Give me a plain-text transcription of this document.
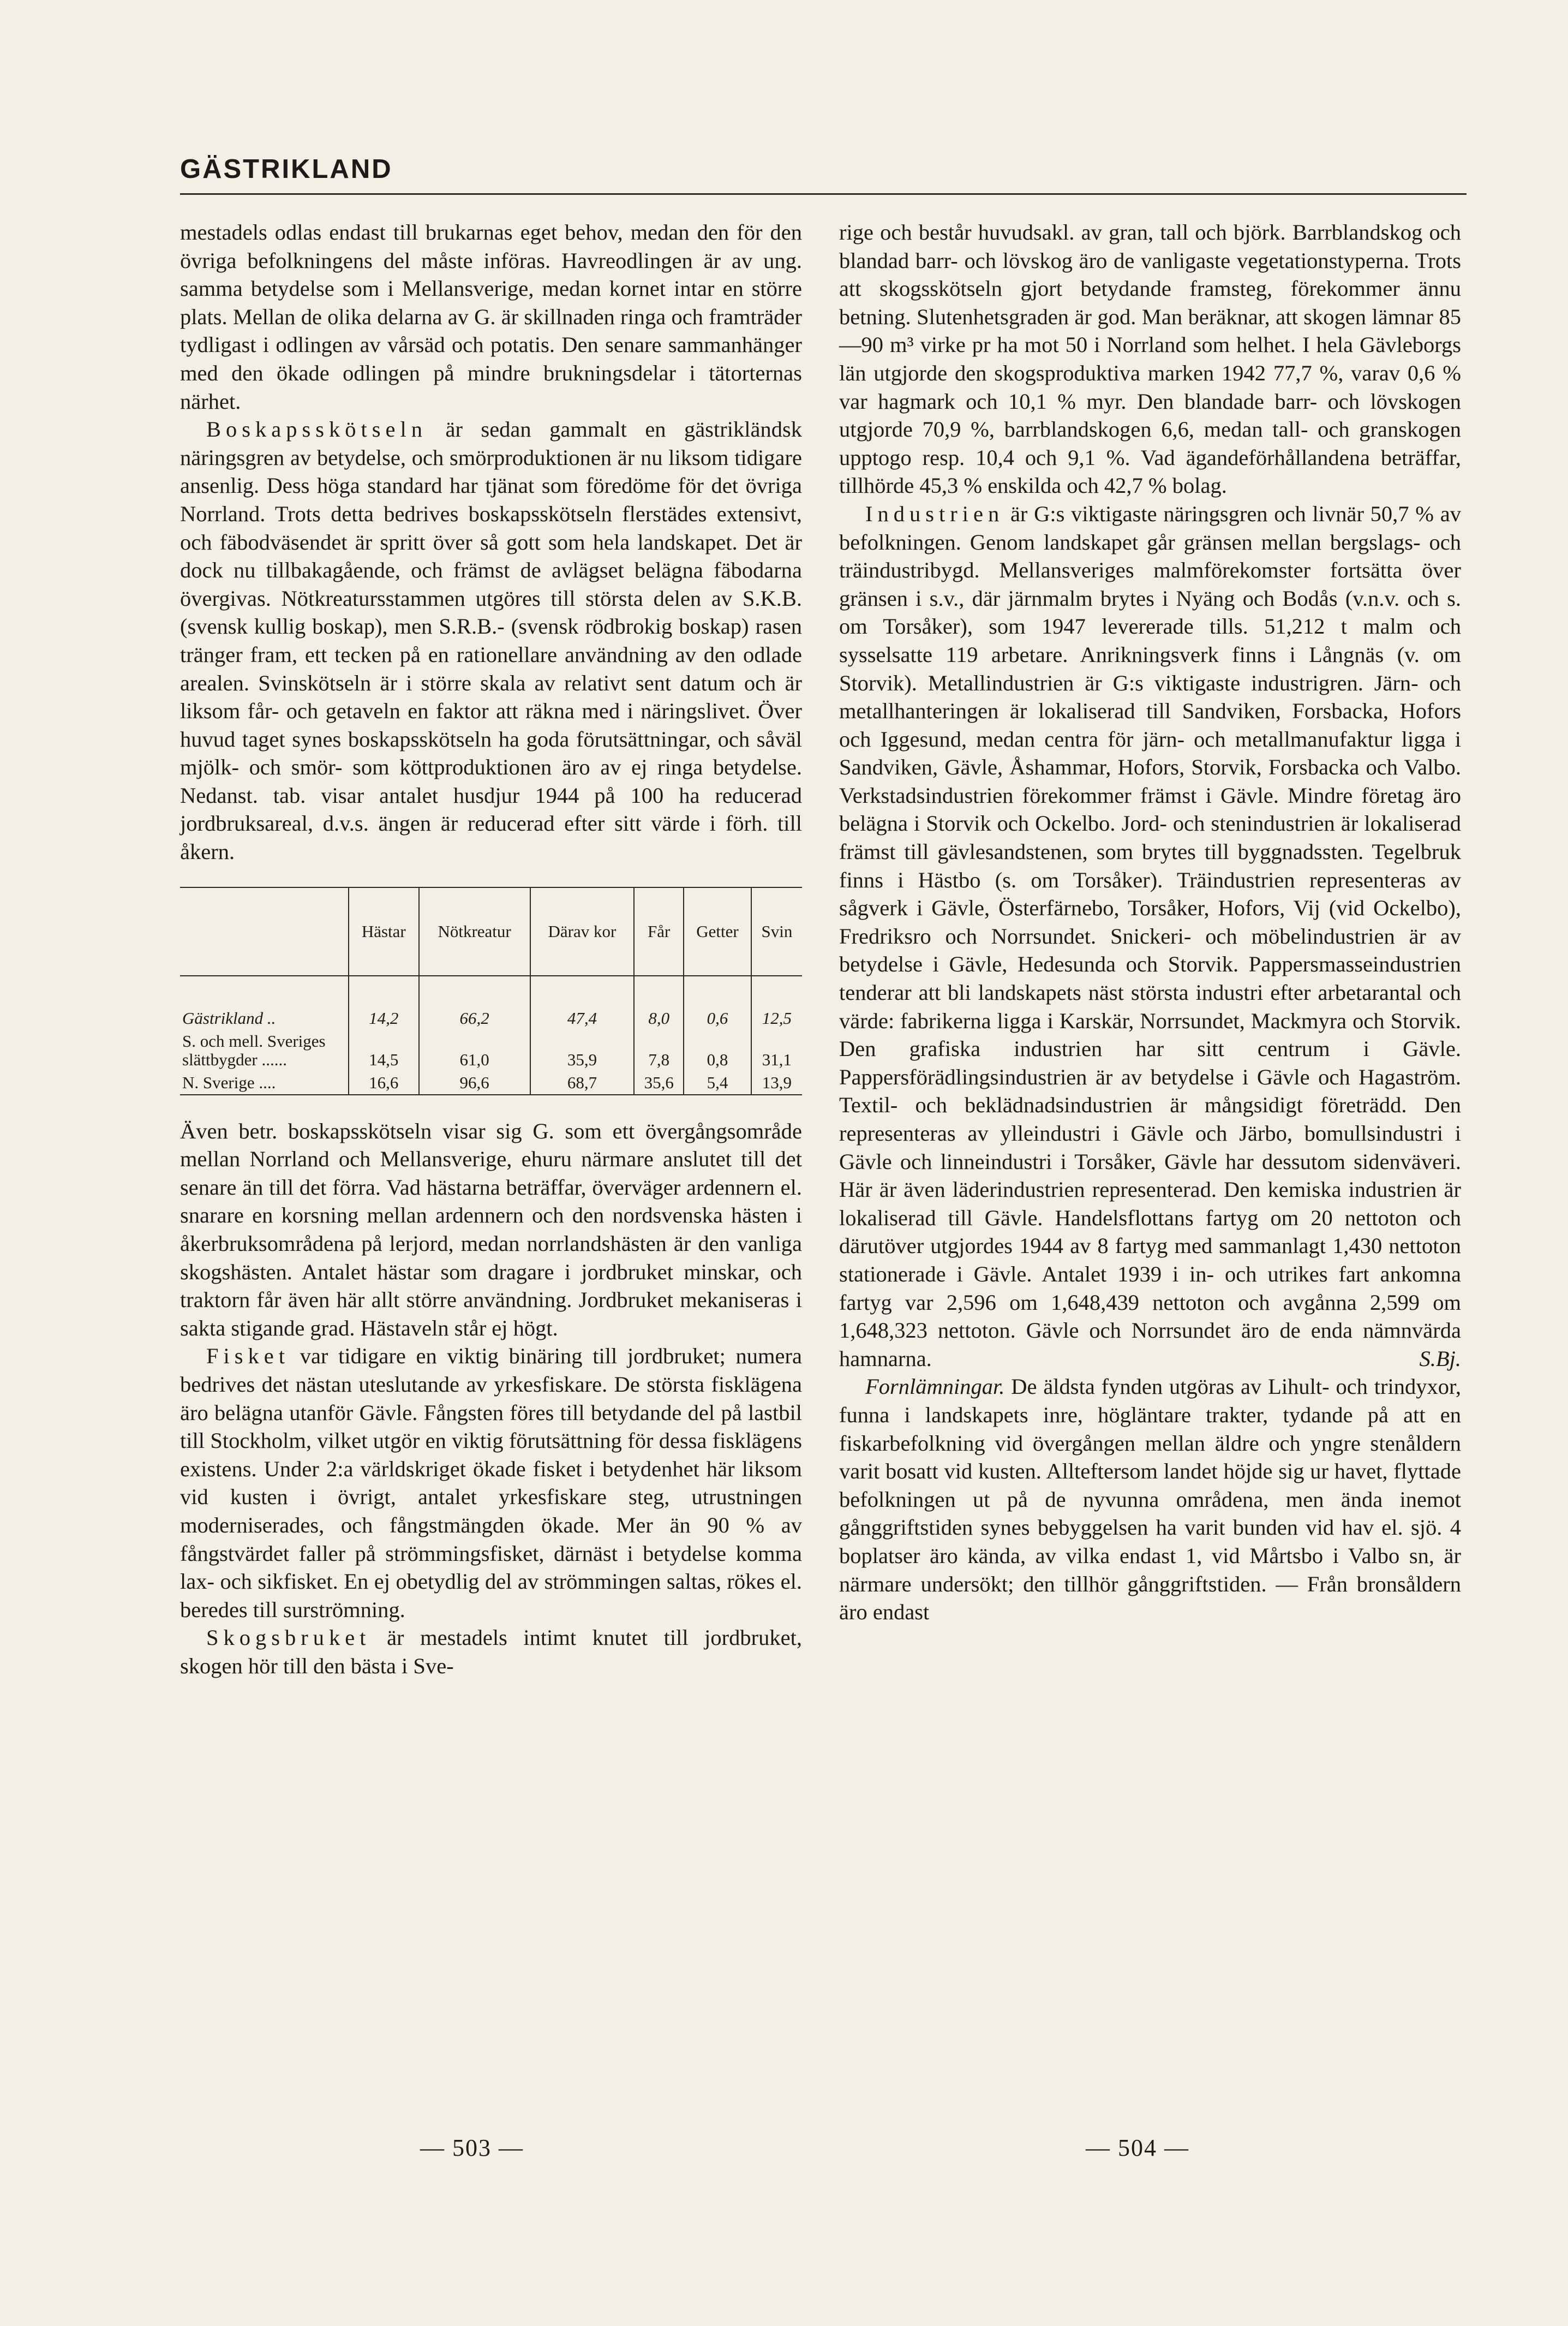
GÄSTRIKLAND

mestadels odlas endast till brukarnas eget behov, medan den för den övriga befolkningens del måste införas. Havreodlingen är av ung. samma betydelse som i Mellansverige, medan kornet intar en större plats. Mellan de olika delarna av G. är skillnaden ringa och framträder tydligast i odlingen av vårsäd och potatis. Den senare sammanhänger med den ökade odlingen på mindre brukningsdelar i tätorternas närhet.

Boskapsskötseln är sedan gammalt en gästrikländsk näringsgren av betydelse, och smörproduktionen är nu liksom tidigare ansenlig. Dess höga standard har tjänat som föredöme för det övriga Norrland. Trots detta bedrives boskapsskötseln flerstädes extensivt, och fäbodväsendet är spritt över så gott som hela landskapet. Det är dock nu tillbakagående, och främst de avlägset belägna fäbodarna övergivas. Nötkreatursstammen utgöres till största delen av S.K.B. (svensk kullig boskap), men S.R.B.- (svensk rödbrokig boskap) rasen tränger fram, ett tecken på en rationellare användning av den odlade arealen. Svinskötseln är i större skala av relativt sent datum och är liksom får- och getaveln en faktor att räkna med i näringslivet. Över huvud taget synes boskapsskötseln ha goda förutsättningar, och såväl mjölk- och smör- som köttproduktionen äro av ej ringa betydelse. Nedanst. tab. visar antalet husdjur 1944 på 100 ha reducerad jordbruksareal, d.v.s. ängen är reducerad efter sitt värde i förh. till åkern.

	Hästar	Nötkreatur	Därav kor	Får	Getter	Svin
Gästrikland ..	14,2	66,2	47,4	8,0	0,6	12,5
S. och mell. Sveriges slättbygder ......	14,5	61,0	35,9	7,8	0,8	31,1
N. Sverige ....	16,6	96,6	68,7	35,6	5,4	13,9

Även betr. boskapsskötseln visar sig G. som ett övergångsområde mellan Norrland och Mellansverige, ehuru närmare anslutet till det senare än till det förra. Vad hästarna beträffar, överväger ardennern el. snarare en korsning mellan ardennern och den nordsvenska hästen i åkerbruksområdena på lerjord, medan norrlandshästen är den vanliga skogshästen. Antalet hästar som dragare i jordbruket minskar, och traktorn får även här allt större användning. Jordbruket mekaniseras i sakta stigande grad. Hästaveln står ej högt.

Fisket var tidigare en viktig binäring till jordbruket; numera bedrives det nästan uteslutande av yrkesfiskare. De största fisklägena äro belägna utanför Gävle. Fångsten föres till betydande del på lastbil till Stockholm, vilket utgör en viktig förutsättning för dessa fisklägens existens. Under 2:a världskriget ökade fisket i betydenhet här liksom vid kusten i övrigt, antalet yrkesfiskare steg, utrustningen moderniserades, och fångstmängden ökade. Mer än 90 % av fångstvärdet faller på strömmingsfisket, därnäst i betydelse komma lax- och sikfisket. En ej obetydlig del av strömmingen saltas, rökes el. beredes till surströmning.

Skogsbruket är mestadels intimt knutet till jordbruket, skogen hör till den bästa i Sve-

rige och består huvudsakl. av gran, tall och björk. Barrblandskog och blandad barr- och lövskog äro de vanligaste vegetationstyperna. Trots att skogsskötseln gjort betydande framsteg, förekommer ännu betning. Slutenhetsgraden är god. Man beräknar, att skogen lämnar 85—90 m³ virke pr ha mot 50 i Norrland som helhet. I hela Gävleborgs län utgjorde den skogsproduktiva marken 1942 77,7 %, varav 0,6 % var hagmark och 10,1 % myr. Den blandade barr- och lövskogen utgjorde 70,9 %, barrblandskogen 6,6, medan tall- och granskogen upptogo resp. 10,4 och 9,1 %. Vad ägandeförhållandena beträffar, tillhörde 45,3 % enskilda och 42,7 % bolag.

Industrien är G:s viktigaste näringsgren och livnär 50,7 % av befolkningen. Genom landskapet går gränsen mellan bergslags- och träindustribygd. Mellansveriges malmförekomster fortsätta över gränsen i s.v., där järnmalm brytes i Nyäng och Bodås (v.n.v. och s. om Torsåker), som 1947 levererade tills. 51,212 t malm och sysselsatte 119 arbetare. Anrikningsverk finns i Långnäs (v. om Storvik). Metallindustrien är G:s viktigaste industrigren. Järn- och metallhanteringen är lokaliserad till Sandviken, Forsbacka, Hofors och Iggesund, medan centra för järn- och metallmanufaktur ligga i Sandviken, Gävle, Åshammar, Hofors, Storvik, Forsbacka och Valbo. Verkstadsindustrien förekommer främst i Gävle. Mindre företag äro belägna i Storvik och Ockelbo. Jord- och stenindustrien är lokaliserad främst till gävlesandstenen, som brytes till byggnadssten. Tegelbruk finns i Hästbo (s. om Torsåker). Träindustrien representeras av sågverk i Gävle, Österfärnebo, Torsåker, Hofors, Vij (vid Ockelbo), Fredriksro och Norrsundet. Snickeri- och möbelindustrien är av betydelse i Gävle, Hedesunda och Storvik. Pappersmasseindustrien tenderar att bli landskapets näst största industri efter arbetarantal och värde: fabrikerna ligga i Karskär, Norrsundet, Mackmyra och Storvik. Den grafiska industrien har sitt centrum i Gävle. Pappersförädlingsindustrien är av betydelse i Gävle och Hagaström. Textil- och beklädnadsindustrien är mångsidigt företrädd. Den representeras av ylleindustri i Gävle och Järbo, bomullsindustri i Gävle och linneindustri i Torsåker, Gävle har dessutom sidenväveri. Här är även läderindustrien representerad. Den kemiska industrien är lokaliserad till Gävle. Handelsflottans fartyg om 20 nettoton och därutöver utgjordes 1944 av 8 fartyg med sammanlagt 1,430 nettoton stationerade i Gävle. Antalet 1939 i in- och utrikes fart ankomna fartyg var 2,596 om 1,648,439 nettoton och avgånna 2,599 om 1,648,323 nettoton. Gävle och Norrsundet äro de enda nämnvärda hamnarna.	S.Bj.

Fornlämningar. De äldsta fynden utgöras av Lihult- och trindyxor, funna i landskapets inre, högläntare trakter, tydande på att en fiskarbefolkning vid övergången mellan äldre och yngre stenåldern varit bosatt vid kusten. Allteftersom landet höjde sig ur havet, flyttade befolkningen ut på de nyvunna områdena, men ända inemot gånggriftstiden synes bebyggelsen ha varit bunden vid hav el. sjö. 4 boplatser äro kända, av vilka endast 1, vid Mårtsbo i Valbo sn, är närmare undersökt; den tillhör gånggriftstiden. — Från bronsåldern äro endast

— 503 —	— 504 —
